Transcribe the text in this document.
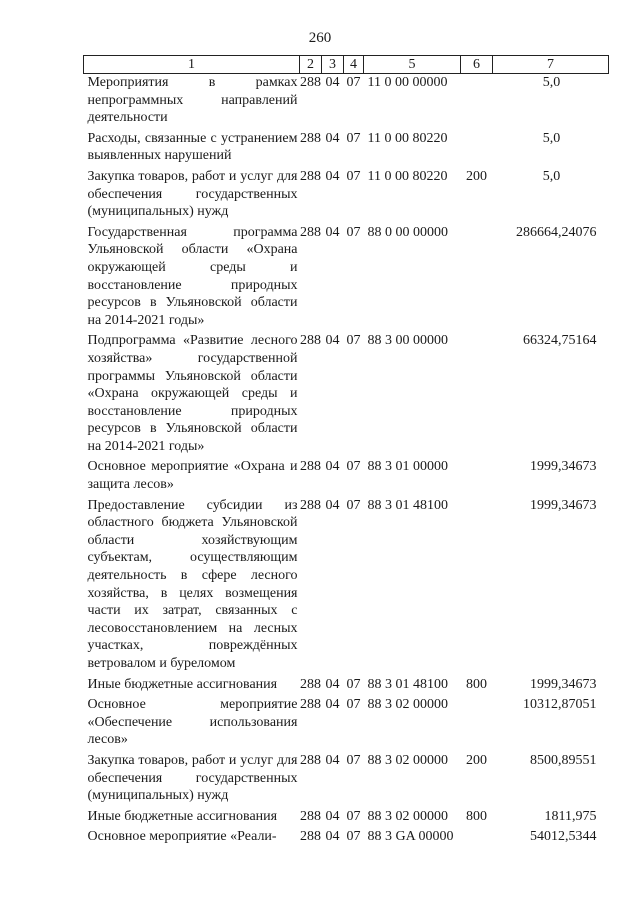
260
1	2	3	4	5	6	7
Мероприятия в рамках непрограммных направлений деятельности	288	04	07	11 0 00 00000		5,0
Расходы, связанные с устранением выявленных нарушений	288	04	07	11 0 00 80220		5,0
Закупка товаров, работ и услуг для обеспечения государственных (муниципальных) нужд	288	04	07	11 0 00 80220	200	5,0
Государственная программа Ульяновской области «Охрана окружающей среды и восстановление природных ресурсов в Ульяновской области на 2014-2021 годы»	288	04	07	88 0 00 00000		286664,24076
Подпрограмма «Развитие лесного хозяйства» государственной программы Ульяновской области «Охрана окружающей среды и восстановление природных ресурсов в Ульяновской области на 2014-2021 годы»	288	04	07	88 3 00 00000		66324,75164
Основное мероприятие «Охрана и защита лесов»	288	04	07	88 3 01 00000		1999,34673
Предоставление субсидии из областного бюджета Ульяновской области хозяйствующим субъектам, осуществляющим деятельность в сфере лесного хозяйства, в целях возмещения части их затрат, связанных с лесовосстановлением на лесных участках, повреждённых ветровалом и буреломом	288	04	07	88 3 01 48100		1999,34673
Иные бюджетные ассигнования	288	04	07	88 3 01 48100	800	1999,34673
Основное мероприятие «Обеспечение использования лесов»	288	04	07	88 3 02 00000		10312,87051
Закупка товаров, работ и услуг для обеспечения государственных (муниципальных) нужд	288	04	07	88 3 02 00000	200	8500,89551
Иные бюджетные ассигнования	288	04	07	88 3 02 00000	800	1811,975
Основное мероприятие «Реали-	288	04	07	88 3 GA 00000		54012,5344
